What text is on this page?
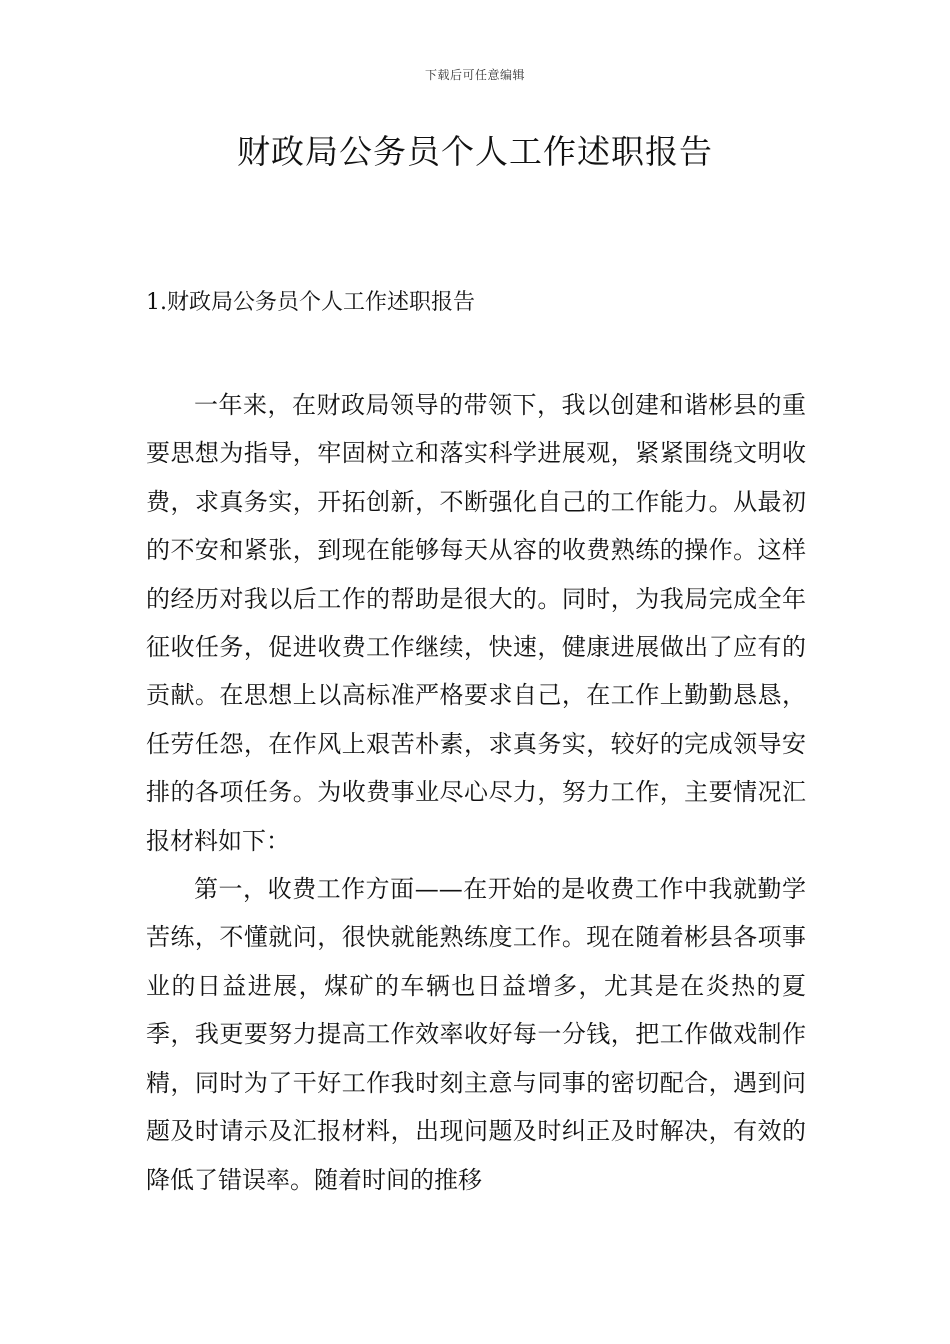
下载后可任意编辑
财政局公务员个人工作述职报告
1.财政局公务员个人工作述职报告

一年来，在财政局领导的带领下，我以创建和谐彬县的重要思想为指导，牢固树立和落实科学进展观，紧紧围绕文明收费，求真务实，开拓创新，不断强化自己的工作能力。从最初的不安和紧张，到现在能够每天从容的收费熟练的操作。这样的经历对我以后工作的帮助是很大的。同时，为我局完成全年征收任务，促进收费工作继续，快速，健康进展做出了应有的贡献。在思想上以高标准严格要求自己，在工作上勤勤恳恳，任劳任怨，在作风上艰苦朴素，求真务实，较好的完成领导安排的各项任务。为收费事业尽心尽力，努力工作，主要情况汇报材料如下：

第一，收费工作方面——在开始的是收费工作中我就勤学苦练，不懂就问，很快就能熟练度工作。现在随着彬县各项事业的日益进展，煤矿的车辆也日益增多，尤其是在炎热的夏季，我更要努力提高工作效率收好每一分钱，把工作做戏制作精，同时为了干好工作我时刻主意与同事的密切配合，遇到问题及时请示及汇报材料，出现问题及时纠正及时解决，有效的降低了错误率。随着时间的推移
